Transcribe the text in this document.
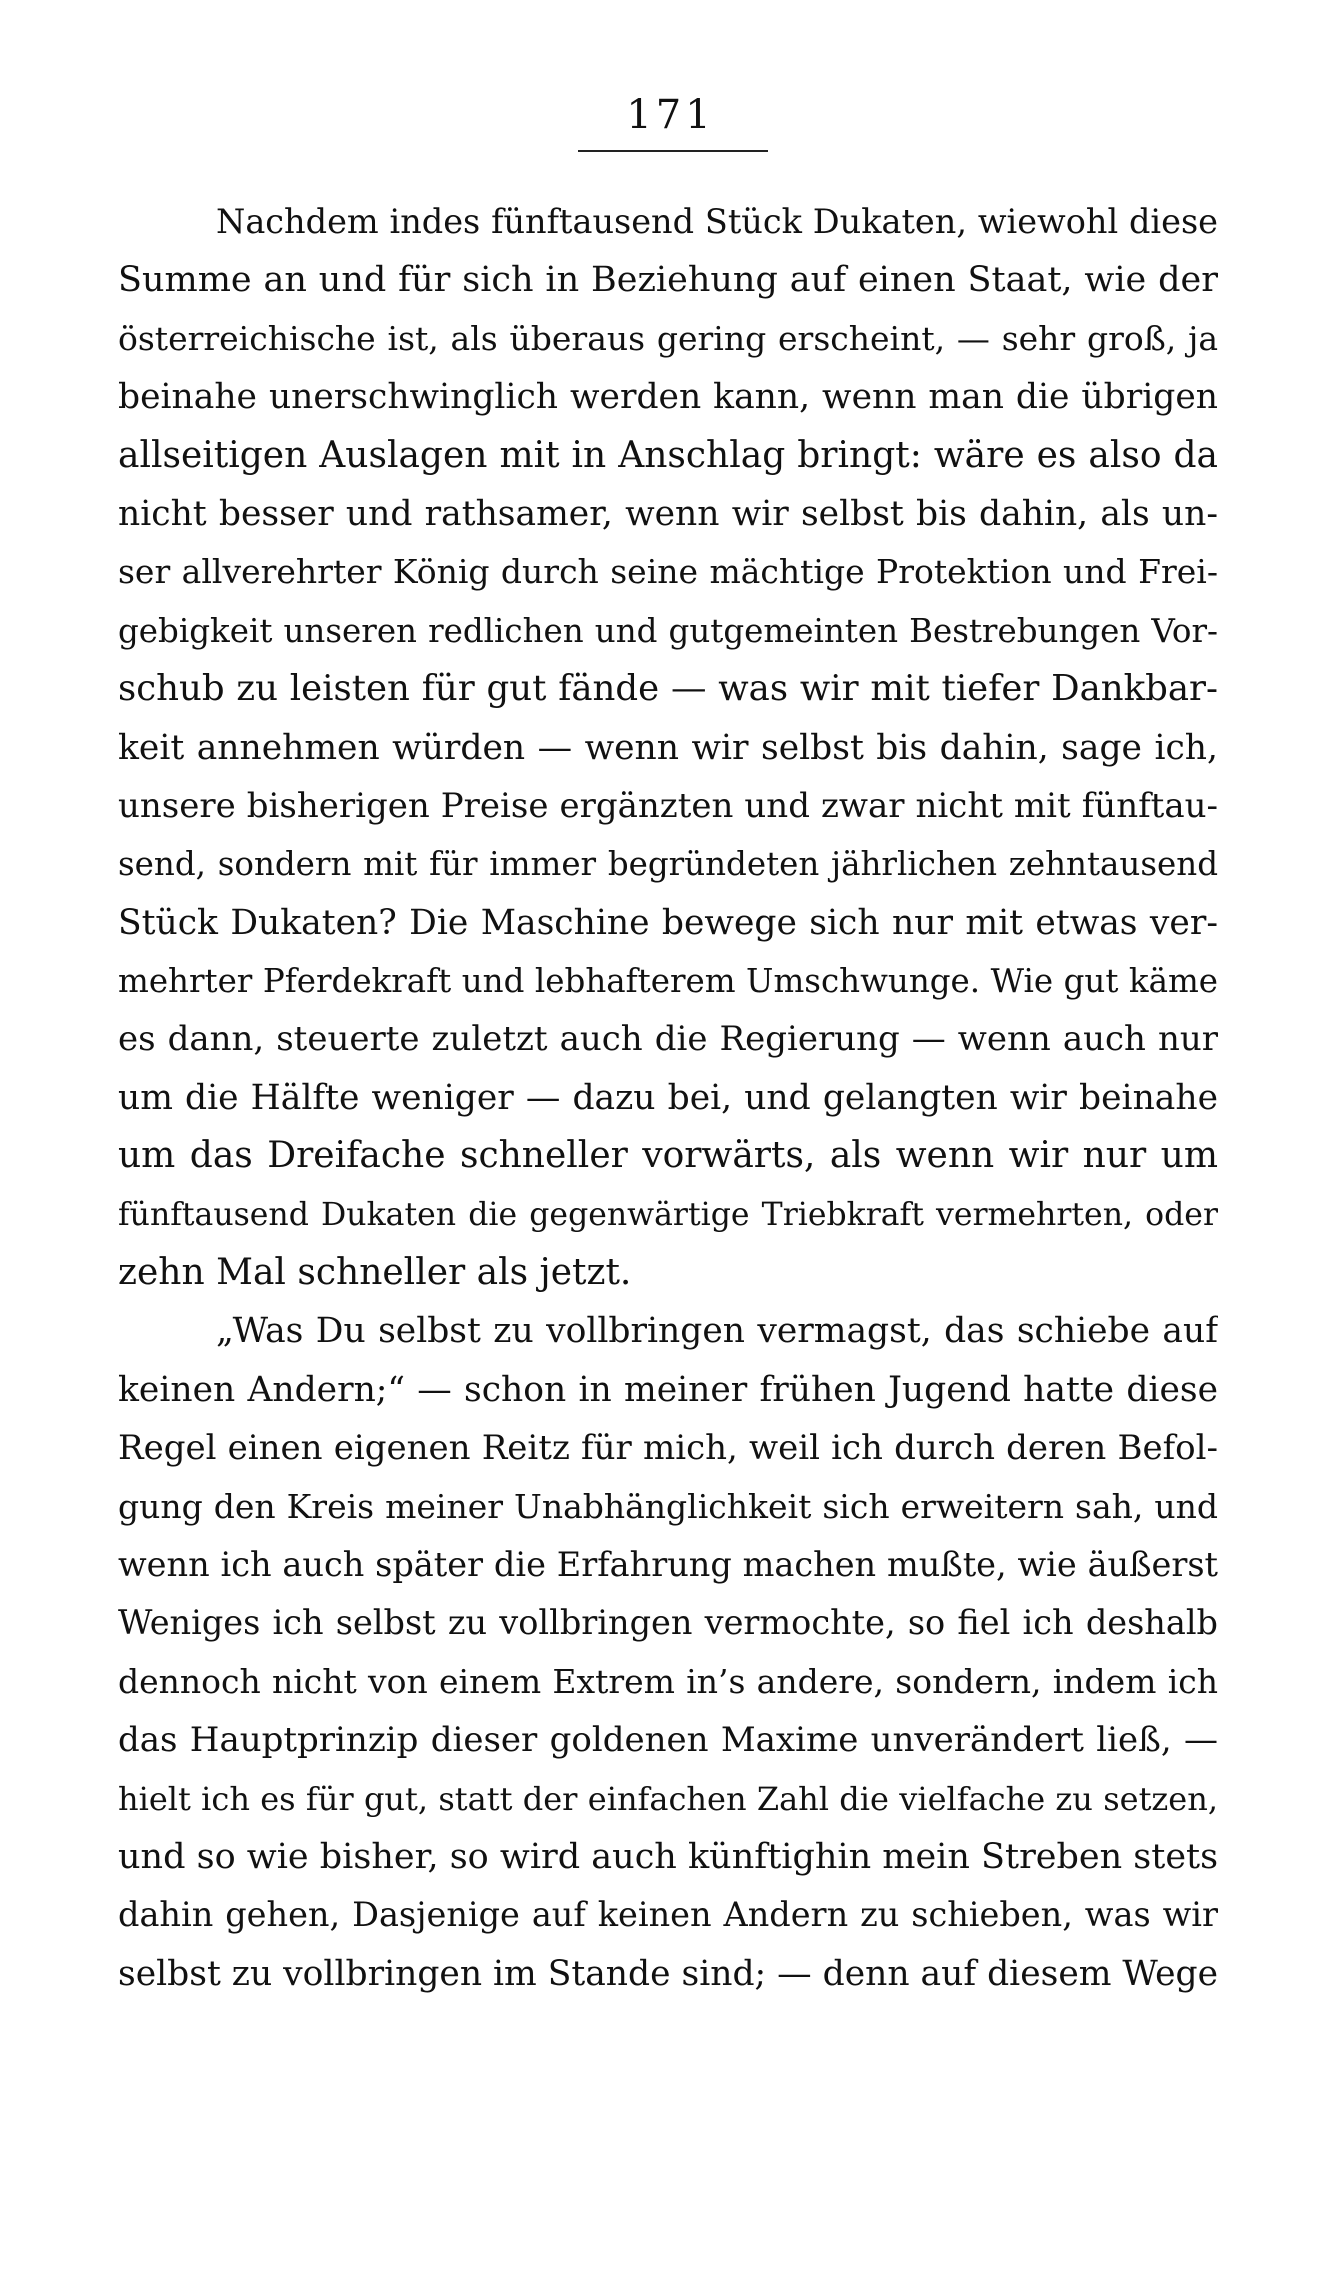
171
Nachdem indes fünftausend Stück Dukaten, wiewohl diese
Summe an und für sich in Beziehung auf einen Staat, wie der
österreichische ist, als überaus gering erscheint, — sehr groß, ja
beinahe unerschwinglich werden kann, wenn man die übrigen
allseitigen Auslagen mit in Anschlag bringt: wäre es also da
nicht besser und rathsamer, wenn wir selbst bis dahin, als un-
ser allverehrter König durch seine mächtige Protektion und Frei-
gebigkeit unseren redlichen und gutgemeinten Bestrebungen Vor-
schub zu leisten für gut fände — was wir mit tiefer Dankbar-
keit annehmen würden — wenn wir selbst bis dahin, sage ich,
unsere bisherigen Preise ergänzten und zwar nicht mit fünftau-
send, sondern mit für immer begründeten jährlichen zehntausend
Stück Dukaten? Die Maschine bewege sich nur mit etwas ver-
mehrter Pferdekraft und lebhafterem Umschwunge. Wie gut käme
es dann, steuerte zuletzt auch die Regierung — wenn auch nur
um die Hälfte weniger — dazu bei, und gelangten wir beinahe
um das Dreifache schneller vorwärts, als wenn wir nur um
fünftausend Dukaten die gegenwärtige Triebkraft vermehrten, oder
zehn Mal schneller als jetzt.
„Was Du selbst zu vollbringen vermagst, das schiebe auf
keinen Andern;“ — schon in meiner frühen Jugend hatte diese
Regel einen eigenen Reitz für mich, weil ich durch deren Befol-
gung den Kreis meiner Unabhänglichkeit sich erweitern sah, und
wenn ich auch später die Erfahrung machen mußte, wie äußerst
Weniges ich selbst zu vollbringen vermochte, so fiel ich deshalb
dennoch nicht von einem Extrem in’s andere, sondern, indem ich
das Hauptprinzip dieser goldenen Maxime unverändert ließ, —
hielt ich es für gut, statt der einfachen Zahl die vielfache zu setzen,
und so wie bisher, so wird auch künftighin mein Streben stets
dahin gehen, Dasjenige auf keinen Andern zu schieben, was wir
selbst zu vollbringen im Stande sind; — denn auf diesem Wege
